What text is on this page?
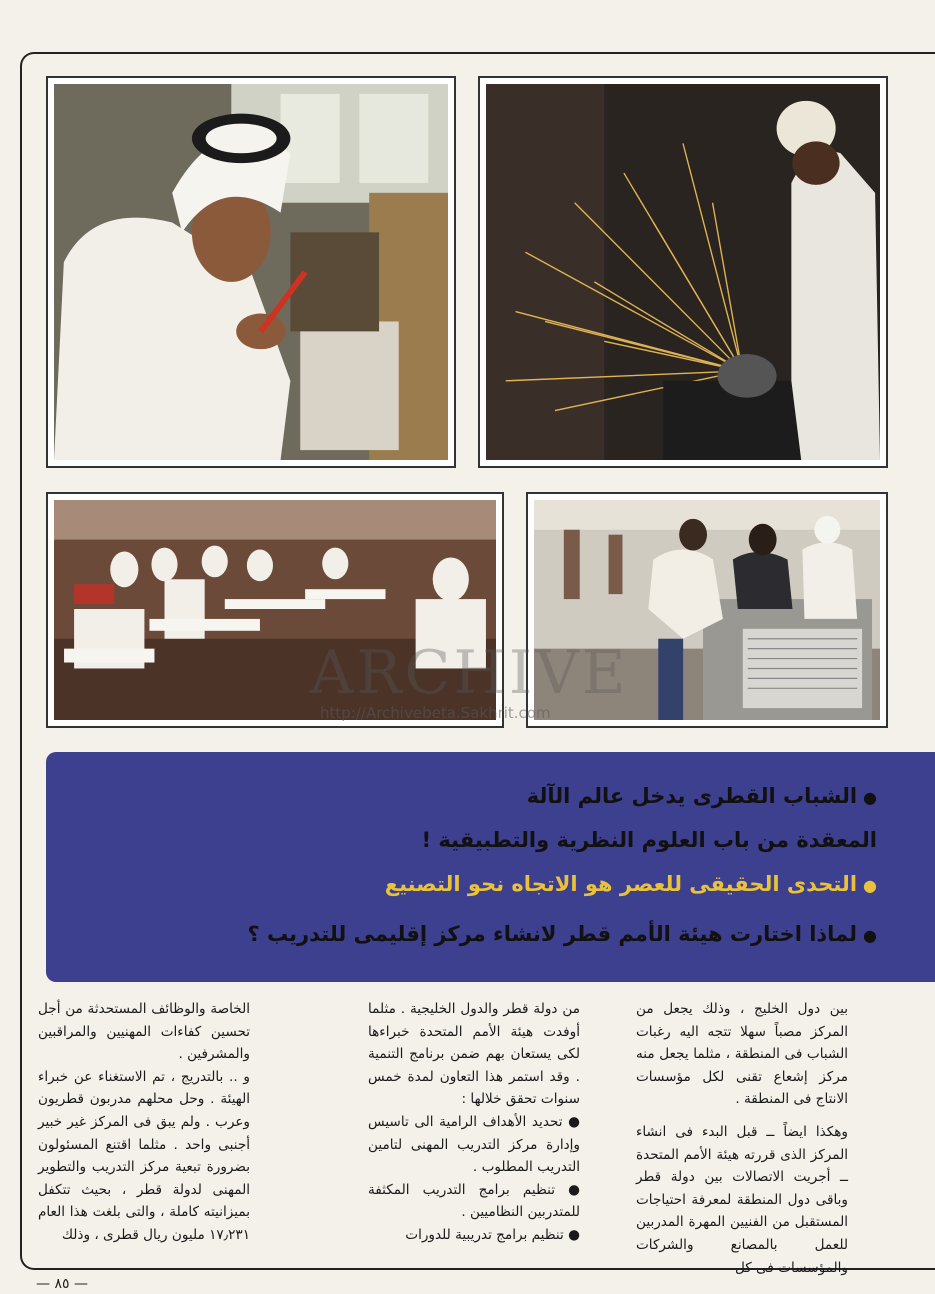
ARCHIVE
http://Archivebeta.Sakhrit.com
●الشباب القطرى يدخل عالم الآلة
المعقدة من باب العلوم النظرية والتطبيقية !
●التحدى الحقيقى للعصر هو الاتجاه نحو التصنيع
●لماذا اختارت هيئة الأمم قطر لانشاء مركز إقليمى للتدريب ؟

بين دول الخليج ، وذلك يجعل من المركز مصباً سهلا تتجه اليه رغبات الشباب فى المنطقة ، مثلما يجعل منه مركز إشعاع تقنى لكل مؤسسات الانتاج فى المنطقة .

وهكذا ايضاً ــ قبل البدء فى انشاء المركز الذى قررته هيئة الأمم المتحدة ــ أجريت الاتصالات بين دولة قطر وباقى دول المنطقة لمعرفة احتياجات المستقبل من الفنيين المهرة المدربين للعمل بالمصانع والشركات والمؤسسات فى كل

من دولة قطر والدول الخليجية . مثلما أوفدت هيئة الأمم المتحدة خبراءها لكى يستعان بهم ضمن برنامج التنمية . وقد استمر هذا التعاون لمدة خمس سنوات تحقق خلالها :

● تحديد الأهداف الرامية الى تاسيس وإدارة مركز التدريب المهنى لتامين التدريب المطلوب .

● تنظيم برامج التدريب المكثفة للمتدربين النظاميين .

● تنظيم برامج تدريبية للدورات

الخاصة والوظائف المستحدثة من أجل تحسين كفاءات المهنيين والمراقبين والمشرفين .

و .. بالتدريج ، تم الاستغناء عن خبراء الهيئة . وحل محلهم مدربون قطريون وعرب . ولم يبق فى المركز غير خبير أجنبى واحد . مثلما اقتنع المسئولون بضرورة تبعية مركز التدريب والتطوير المهنى لدولة قطر ، بحيث تتكفل بميزانيته كاملة ، والتى بلغت هذا العام ١٧٫٢٣١ مليون ريال قطرى ، وذلك

— ٨٥ —
